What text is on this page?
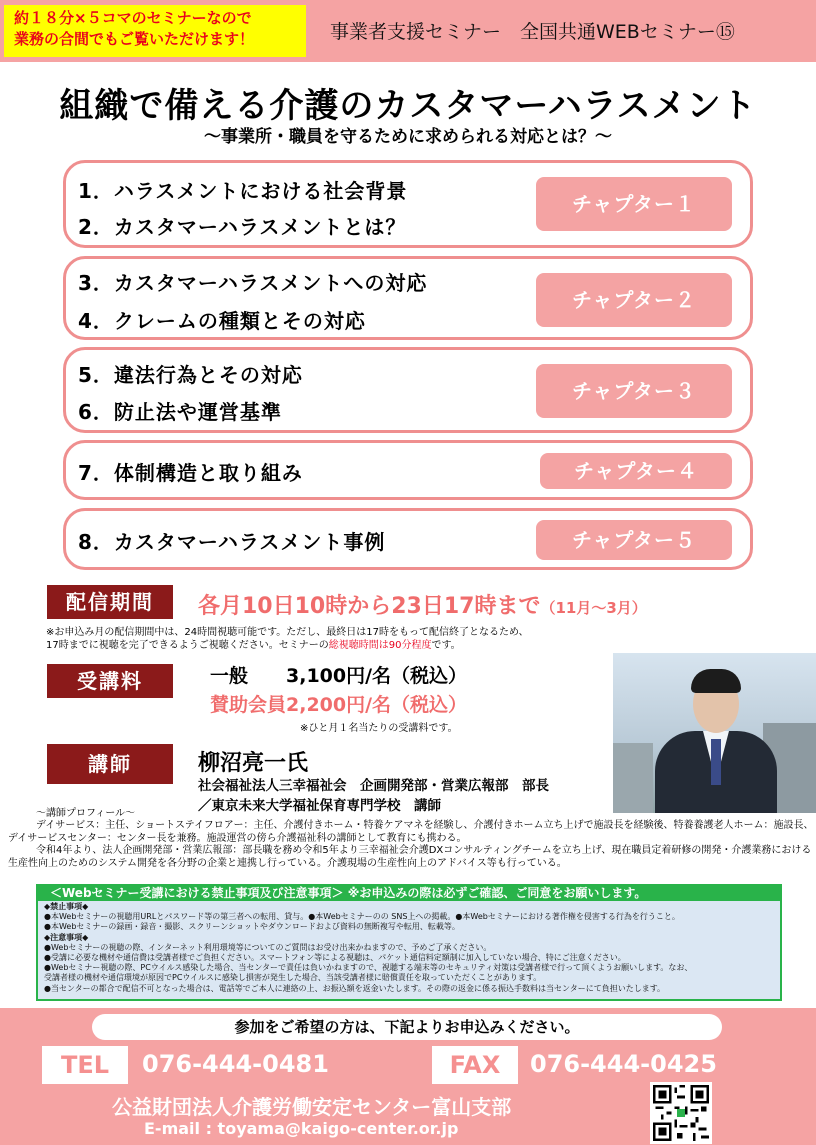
約１８分×５コマのセミナーなので
業務の合間でもご覧いただけます！	事業者支援セミナー　全国共通WEBセミナー⑮
組織で備える介護のカスタマーハラスメント
～事業所・職員を守るために求められる対応とは？～
1．ハラスメントにおける社会背景
2．カスタマーハラスメントとは？
チャプター１
3．カスタマーハラスメントへの対応
4．クレームの種類とその対応
チャプター２
5．違法行為とその対応
6．防止法や運営基準
チャプター３
7．体制構造と取り組み	チャプター４
8．カスタマーハラスメント事例	チャプター５
配信期間	各月10日10時から23日17時まで（11月～3月）
※お申込み月の配信期間中は、24時間視聴可能です。ただし、最終日は17時をもって配信終了となるため、
17時までに視聴を完了できるようご視聴ください。セミナーの総視聴時間は90分程度です。
受講料	一般　　3,100円/名（税込）
賛助会員2,200円/名（税込）
※ひと月１名当たりの受講料です。
講師	柳沼亮一氏
社会福祉法人三幸福祉会　企画開発部・営業広報部　部長
／東京未来大学福祉保育専門学校　講師
～講師プロフィール～
デイサービス：主任、ショートステイフロアー：主任、介護付きホーム・特養ケアマネを経験し、介護付きホーム立ち上げで施設長を経験後、特養養護老人ホーム：施設長、デイサービスセンター：センター長を兼務。施設運営の傍ら介護福祉科の講師として教育にも携わる。
令和4年より、法人企画開発部・営業広報部：部長職を務め令和5年より三幸福祉会介護DXコンサルティングチームを立ち上げ、現在職員定着研修の開発・介護業務における生産性向上のためのシステム開発を各分野の企業と連携し行っている。介護現場の生産性向上のアドバイス等も行っている。
＜Webセミナー受講における禁止事項及び注意事項＞ ※お申込みの際は必ずご確認、ご同意をお願いします。
◆禁止事項◆
●本Webセミナーの視聴用URLとパスワード等の第三者への転用、貸与。●本Webセミナーのの SNS上への掲載。●本Webセミナーにおける著作権を侵害する行為を行うこと。
●本Webセミナーの録画・録音・撮影、スクリーンショットやダウンロードおよび資料の無断複写や転用、転載等。
◆注意事項◆
●Webセミナーの視聴の際、インターネット利用環境等についてのご質問はお受け出来かねますので、予めご了承ください。
●受講に必要な機材や通信費は受講者様でご負担ください。スマートフォン等による視聴は、パケット通信料定額制に加入していない場合、特にご注意ください。
●Webセミナー視聴の際、PCウイルス感染した場合、当センターで責任は負いかねますので、視聴する端末等のセキュリティ対策は受講者様で行って頂くようお願いします。なお、
受講者様の機材や通信環境が原因でPCウイルスに感染し損害が発生した場合、当該受講者様に賠償責任を取っていただくことがあります。
●当センターの都合で配信不可となった場合は、電話等でご本人に連絡の上、お振込額を返金いたします。その際の返金に係る振込手数料は当センターにて負担いたします。
参加をご希望の方は、下記よりお申込みください。
TEL	076-444-0481	FAX	076-444-0425
公益財団法人介護労働安定センター富山支部
E-mail : toyama@kaigo-center.or.jp
